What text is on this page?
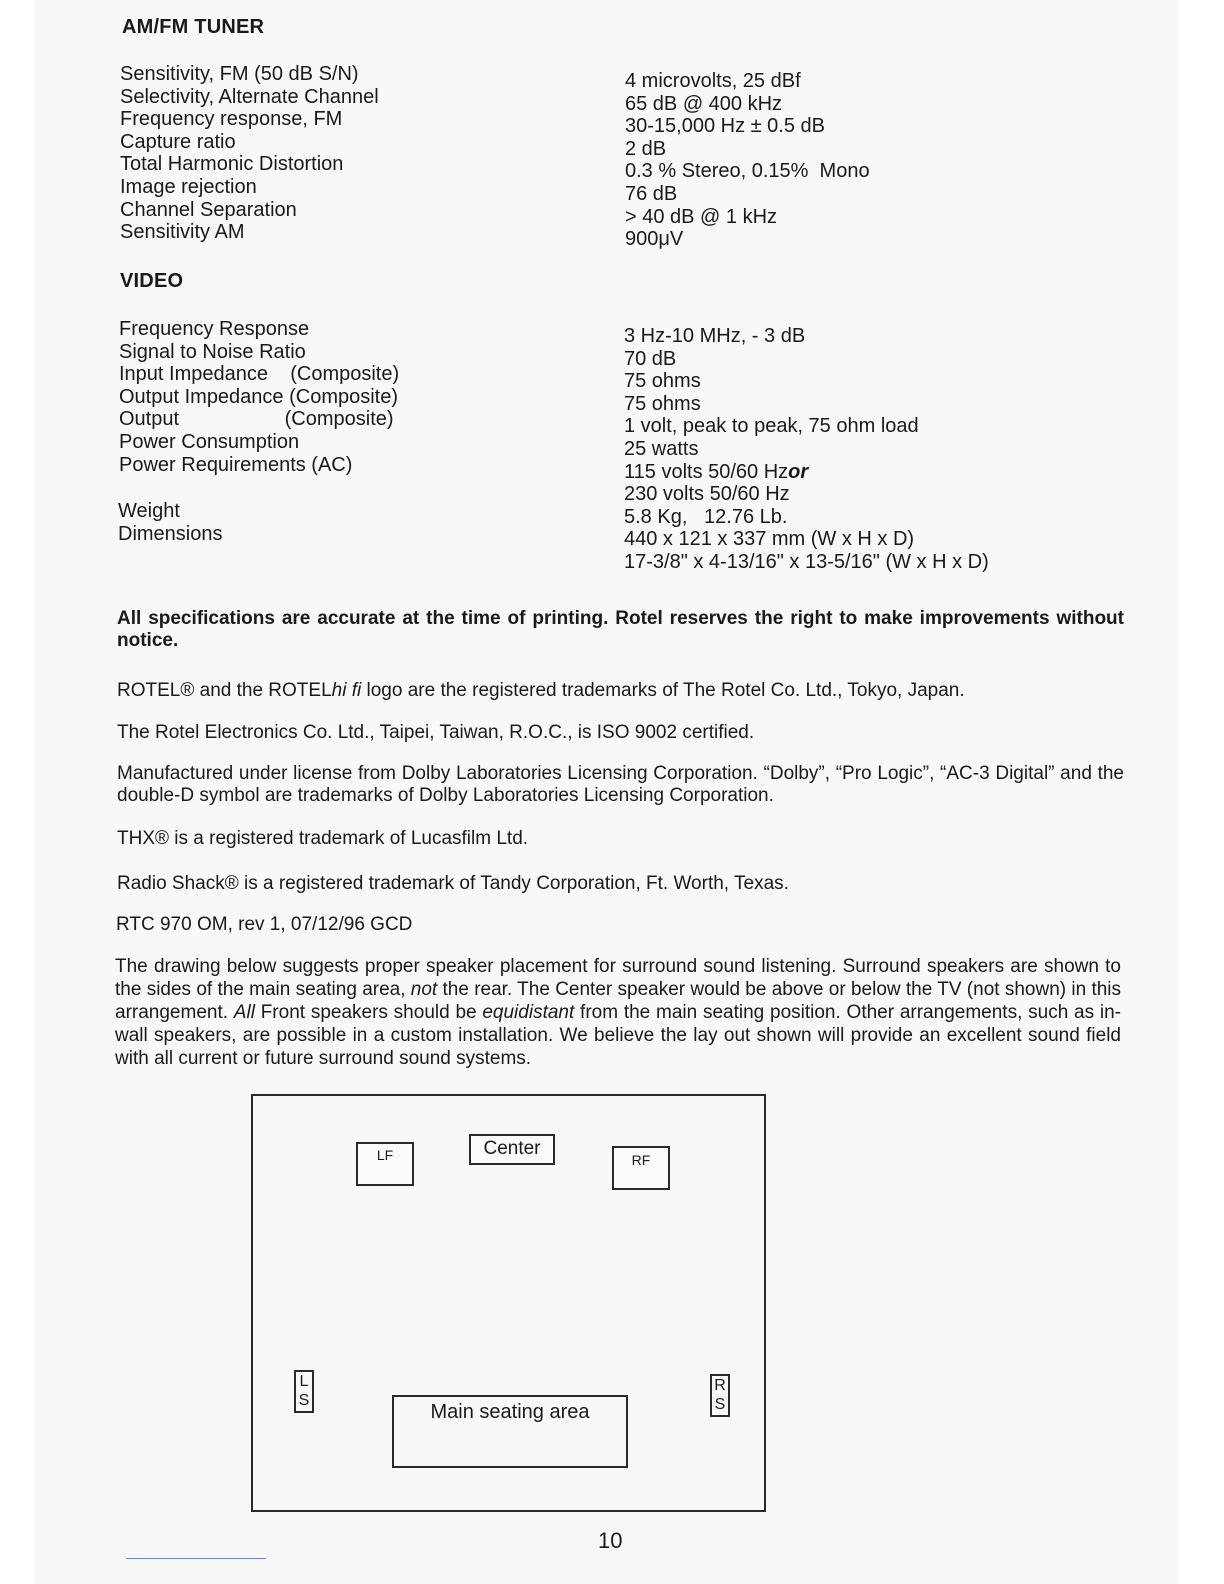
AM/FM TUNER
Sensitivity, FM (50 dB S/N)
Selectivity, Alternate Channel
Frequency response, FM
Capture ratio
Total Harmonic Distortion
Image rejection
Channel Separation
Sensitivity AM
4 microvolts, 25 dBf
65 dB @ 400 kHz
30-15,000 Hz ± 0.5 dB
2 dB
0.3 % Stereo, 0.15%  Mono
76 dB
> 40 dB @ 1 kHz
900μV
VIDEO
Frequency Response
Signal to Noise Ratio
Input Impedance    (Composite)
Output Impedance (Composite)
Output                   (Composite)
Power Consumption
Power Requirements (AC)
Weight
Dimensions
3 Hz-10 MHz, - 3 dB
70 dB
75 ohms
75 ohms
1 volt, peak to peak, 75 ohm load
25 watts
115 volts 50/60 Hzor
230 volts 50/60 Hz
5.8 Kg,   12.76 Lb.
440 x 121 x 337 mm (W x H x D)
17-3/8" x 4-13/16" x 13-5/16" (W x H x D)
All specifications are accurate at the time of printing. Rotel reserves the right to make improvements without notice.
ROTEL® and the ROTELhi fi logo are the registered trademarks of The Rotel Co. Ltd., Tokyo, Japan.
The Rotel Electronics Co. Ltd., Taipei, Taiwan, R.O.C., is ISO 9002 certified.
Manufactured under license from Dolby Laboratories Licensing Corporation. “Dolby”, “Pro Logic”, “AC-3 Digital” and the double-D symbol are trademarks of Dolby Laboratories Licensing Corporation.
THX® is a registered trademark of Lucasfilm Ltd.
Radio Shack® is a registered trademark of Tandy Corporation, Ft. Worth, Texas.
RTC 970 OM, rev 1, 07/12/96 GCD
The drawing below suggests proper speaker placement for surround sound listening. Surround speakers are shown to the sides of the main seating area, not the rear. The Center speaker would be above or below the TV (not shown) in this arrangement. All Front speakers should be equidistant from the main seating position. Other arrangements, such as in-wall speakers, are possible in a custom installation. We believe the lay out shown will provide an excellent sound field with all current or future surround sound systems.
LF	Center
RF
L
S
R
S
Main seating area
10
